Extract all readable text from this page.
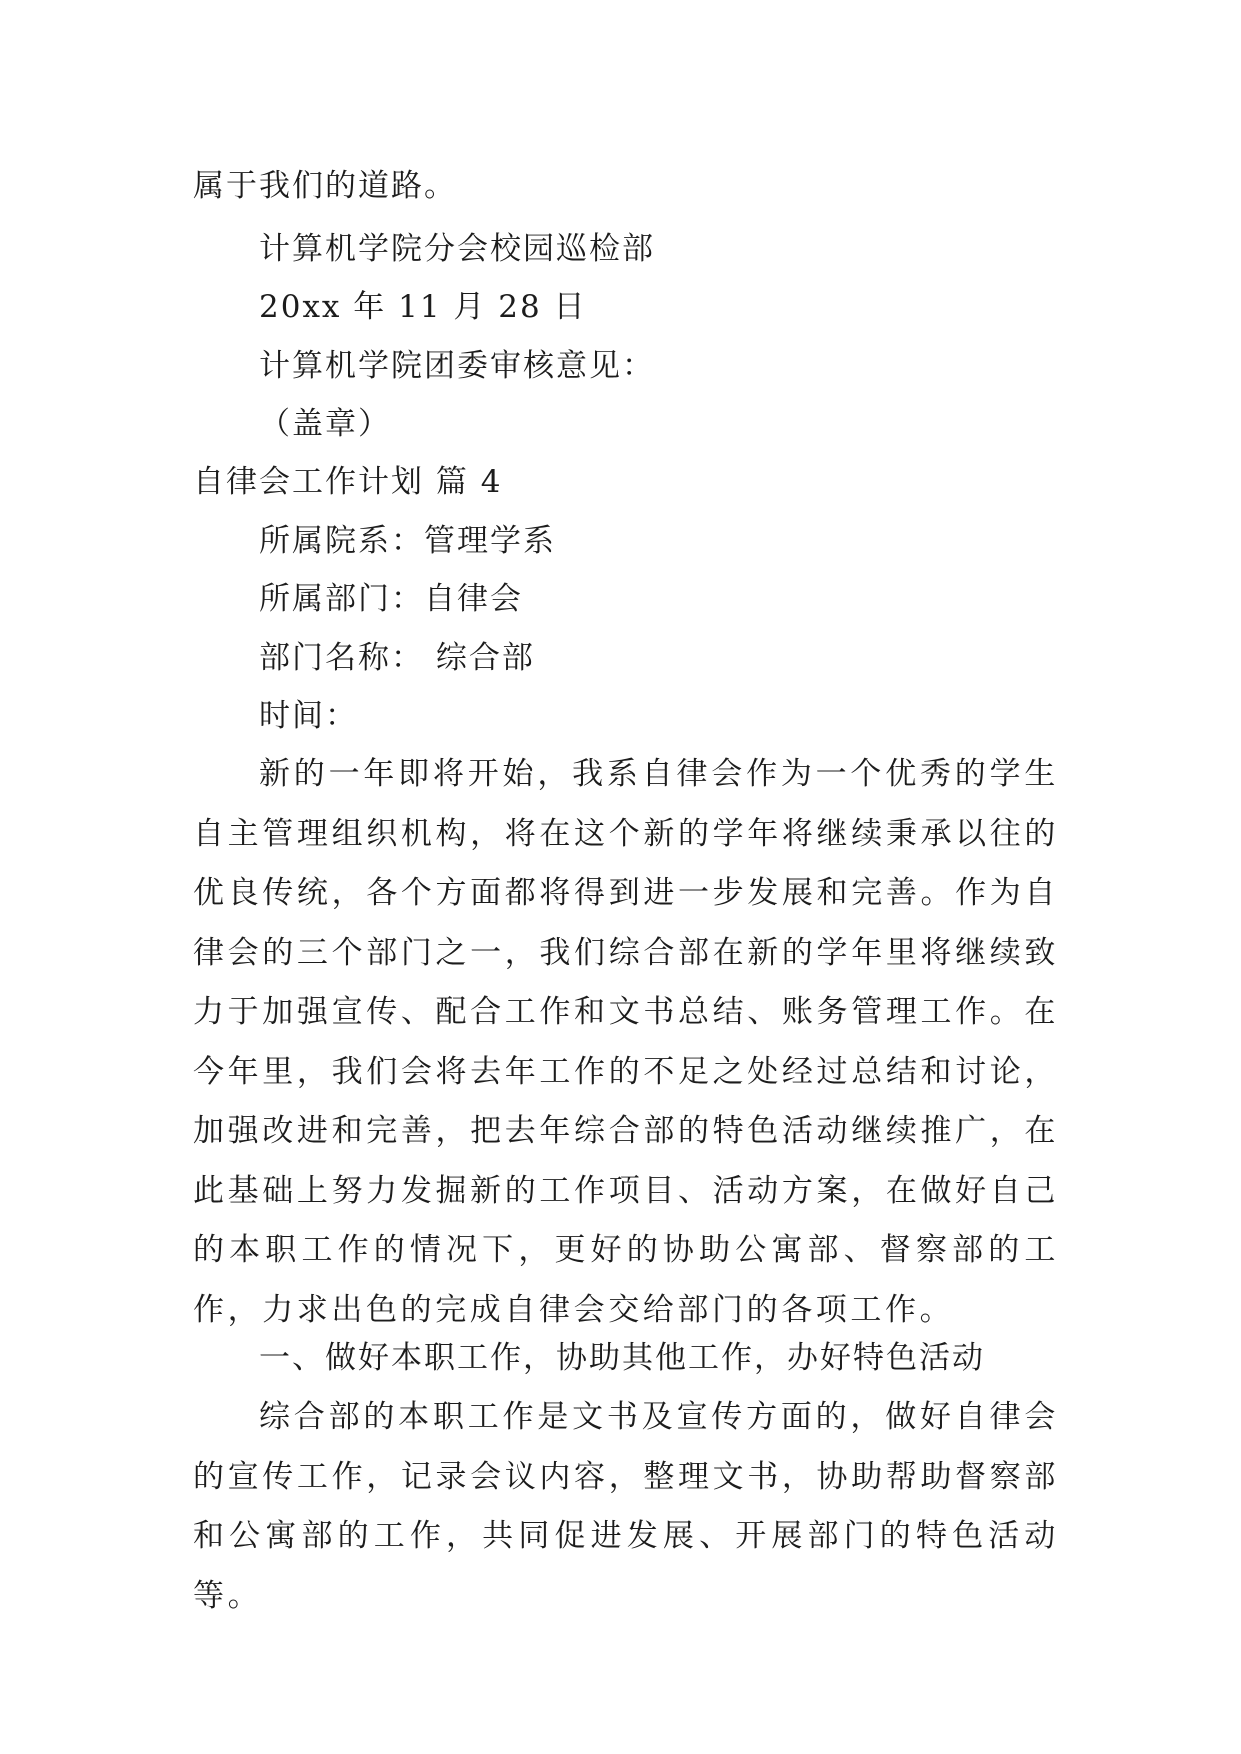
属于我们的道路。
计算机学院分会校园巡检部
20xx 年 11 月 28 日
计算机学院团委审核意见：
（盖章）
自律会工作计划 篇 4
所属院系：管理学系
所属部门：自律会
部门名称： 综合部
时间：
新的一年即将开始，我系自律会作为一个优秀的学生自主管理组织机构，将在这个新的学年将继续秉承以往的优良传统，各个方面都将得到进一步发展和完善。作为自律会的三个部门之一，我们综合部在新的学年里将继续致力于加强宣传、配合工作和文书总结、账务管理工作。在今年里，我们会将去年工作的不足之处经过总结和讨论，加强改进和完善，把去年综合部的特色活动继续推广，在此基础上努力发掘新的工作项目、活动方案，在做好自己的本职工作的情况下，更好的协助公寓部、督察部的工作，力求出色的完成自律会交给部门的各项工作。
一、做好本职工作，协助其他工作，办好特色活动
综合部的本职工作是文书及宣传方面的，做好自律会的宣传工作，记录会议内容，整理文书，协助帮助督察部和公寓部的工作，共同促进发展、开展部门的特色活动等。
